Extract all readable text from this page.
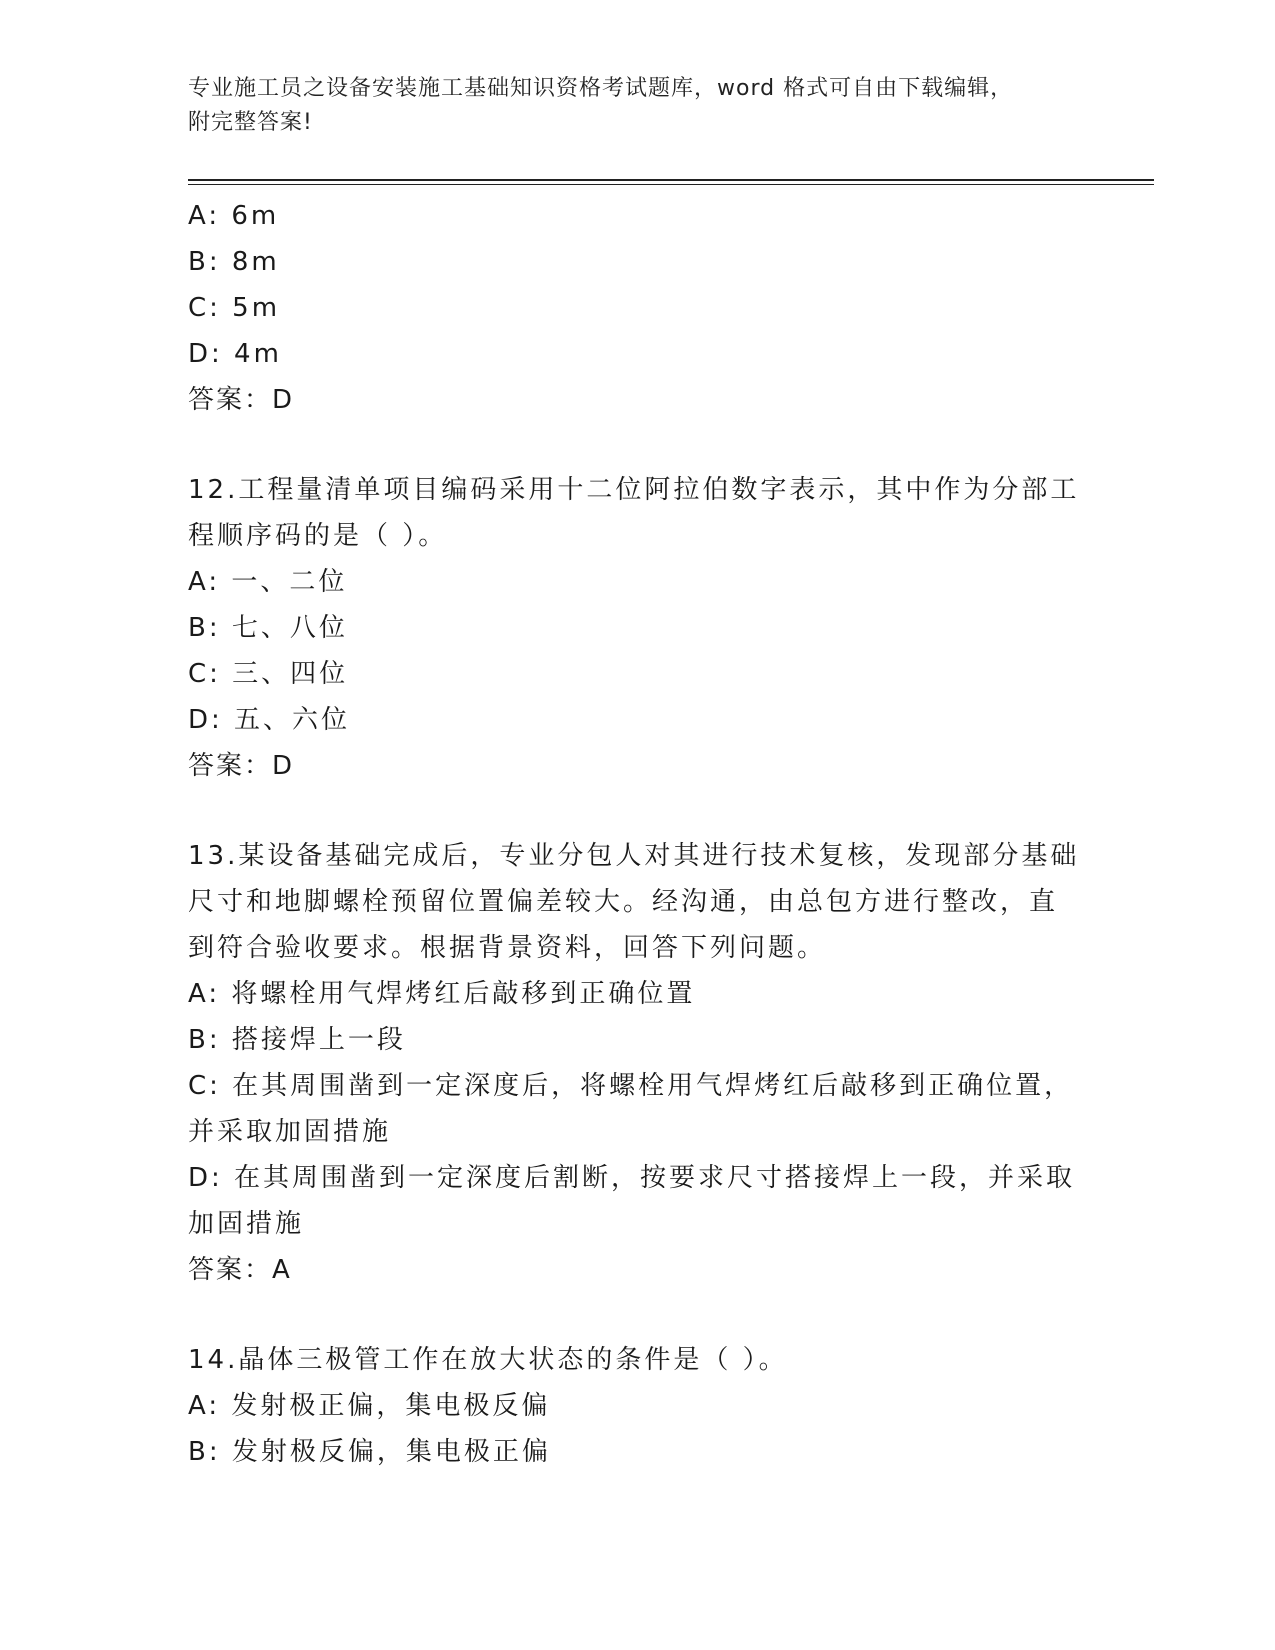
专业施工员之设备安装施工基础知识资格考试题库，word 格式可自由下载编辑，
附完整答案!
A: 6m
B: 8m
C: 5m
D: 4m
答案：D
12.工程量清单项目编码采用十二位阿拉伯数字表示，其中作为分部工
程顺序码的是（ ）。
A: 一、二位
B: 七、八位
C: 三、四位
D: 五、六位
答案：D
13.某设备基础完成后，专业分包人对其进行技术复核，发现部分基础
尺寸和地脚螺栓预留位置偏差较大。经沟通，由总包方进行整改，直
到符合验收要求。根据背景资料，回答下列问题。
A: 将螺栓用气焊烤红后敲移到正确位置
B: 搭接焊上一段
C: 在其周围凿到一定深度后，将螺栓用气焊烤红后敲移到正确位置，
并采取加固措施
D: 在其周围凿到一定深度后割断，按要求尺寸搭接焊上一段，并采取
加固措施
答案：A
14.晶体三极管工作在放大状态的条件是（ ）。
A: 发射极正偏，集电极反偏
B: 发射极反偏，集电极正偏
